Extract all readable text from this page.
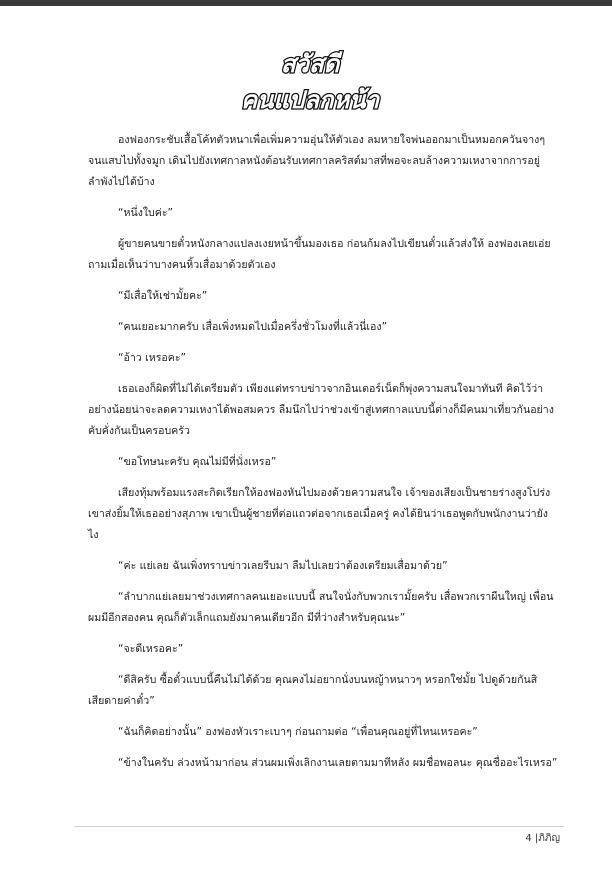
สวัสดี
คนแปลกหน้า

องฟองกระชับเสื้อโค้ทตัวหนาเพื่อเพิ่มความอุ่นให้ตัวเอง ลมหายใจพ่นออกมาเป็นหมอกควันจางๆ จนแสบไปทั้งจมูก เดินไปยังเทศกาลหนังต้อนรับเทศกาลคริสต์มาสที่พอจะลบล้างความเหงาจากการอยู่ลำพังไปได้บ้าง

“หนึ่งใบค่ะ”

ผู้ขายคนขายตั๋วหนังกลางแปลงเงยหน้าขึ้นมองเธอ ก่อนก้มลงไปเขียนตั๋วแล้วส่งให้ องฟองเลยเอ่ยถามเมื่อเห็นว่าบางคนหิ้วเสื่อมาด้วยตัวเอง

“มีเสื่อให้เช่ามั้ยคะ”

“คนเยอะมากครับ เสื่อเพิ่งหมดไปเมื่อครึ่งชั่วโมงที่แล้วนี่เอง”

“อ้าว เหรอคะ”

เธอเองก็ผิดที่ไม่ได้เตรียมตัว เพียงแต่ทราบข่าวจากอินเตอร์เน็ตก็พุ่งความสนใจมาทันที คิดไว้ว่าอย่างน้อยน่าจะลดความเหงาได้พอสมควร ลืมนึกไปว่าช่วงเข้าสู่เทศกาลแบบนี้ต่างก็มีคนมาเที่ยวกันอย่างคับคั่งกันเป็นครอบครัว

“ขอโทษนะครับ คุณไม่มีที่นั่งเหรอ”

เสียงทุ้มพร้อมแรงสะกิดเรียกให้องฟองหันไปมองด้วยความสนใจ เจ้าของเสียงเป็นชายร่างสูงโปร่งเขาส่งยิ้มให้เธออย่างสุภาพ เขาเป็นผู้ชายที่ต่อแถวต่อจากเธอเมื่อครู่ คงได้ยินว่าเธอพูดกับพนักงานว่ายังไง

“ค่ะ แย่เลย ฉันเพิ่งทราบข่าวเลยรีบมา ลืมไปเลยว่าต้องเตรียมเสื่อมาด้วย”

“ลำบากแย่เลยมาช่วงเทศกาลคนเยอะแบบนี้ สนใจนั่งกับพวกเรามั้ยครับ เสื่อพวกเราผืนใหญ่ เพื่อนผมมีอีกสองคน คุณก็ตัวเล็กแถมยังมาคนเดียวอีก มีที่ว่างสำหรับคุณนะ”

“จะดีเหรอคะ”

“ดีสิครับ ซื้อตั๋วแบบนี้คืนไม่ได้ด้วย คุณคงไม่อยากนั่งบนหญ้าหนาวๆ หรอกใช่มั้ย ไปดูด้วยกันสิเสียดายค่าตั๋ว”

“ฉันก็คิดอย่างนั้น” องฟองหัวเราะเบาๆ ก่อนถามต่อ “เพื่อนคุณอยู่ที่ไหนเหรอคะ”

“ข้างในครับ ล่วงหน้ามาก่อน ส่วนผมเพิ่งเลิกงานเลยตามมาทีหลัง ผมชื่อพอลนะ คุณชื่ออะไรเหรอ”

4 |ภิภิญ
